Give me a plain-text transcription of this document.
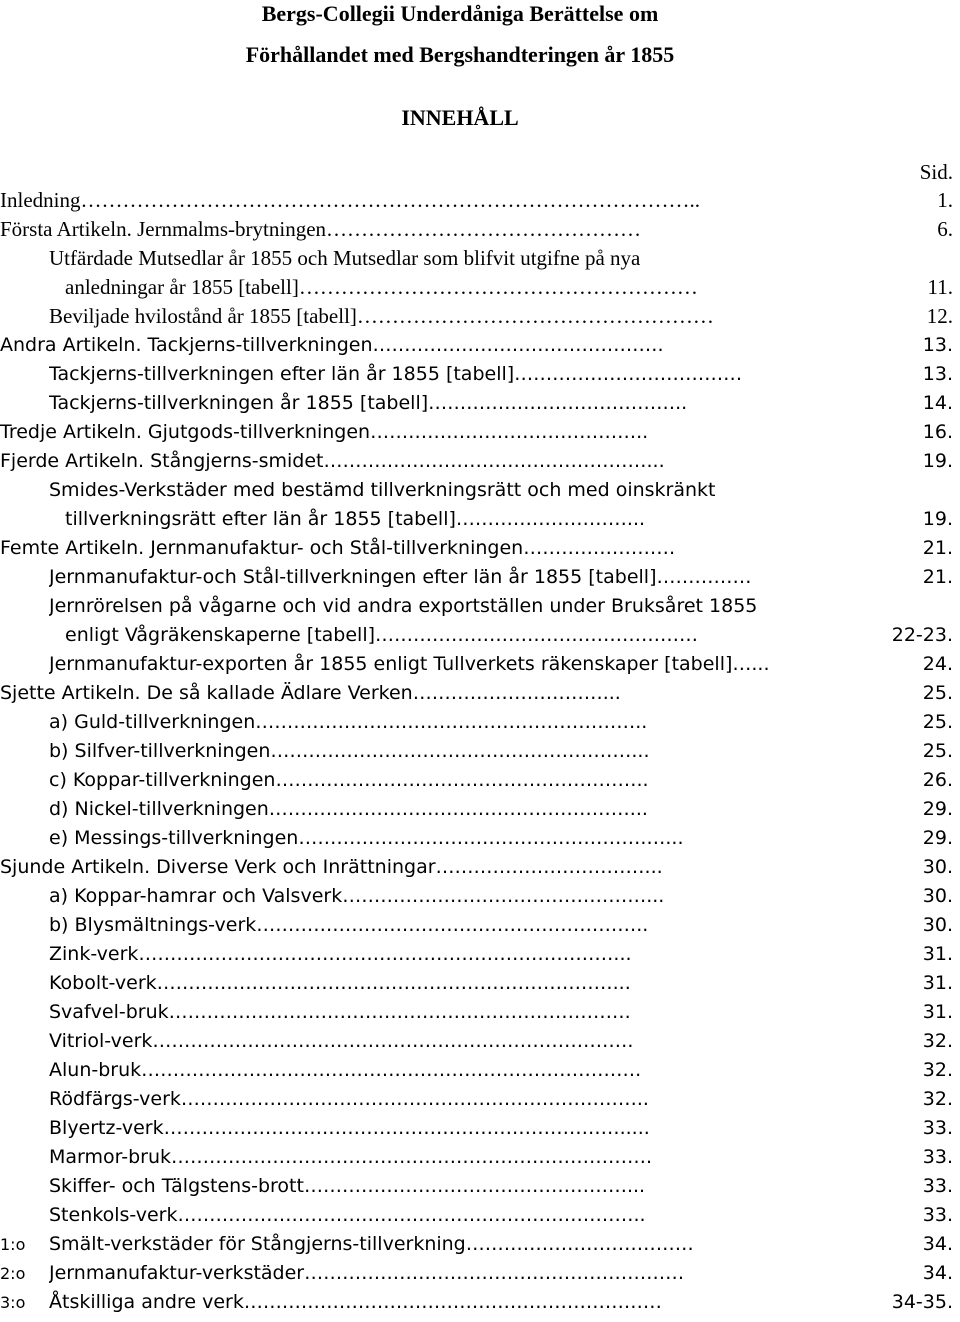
Bergs-Collegii Underdåniga Berättelse om
Förhållandet med Bergshandteringen år 1855
INNEHÅLL
Sid.
Inledning……………………………………………………………………………..	1.
Första Artikeln. Jernmalms-brytningen………………………………………	6.
Utfärdade Mutsedlar år 1855 och Mutsedlar som blifvit utgifne på nya
anledningar år 1855 [tabell]…………………………………………………	11.
Beviljade hvilostånd år 1855 [tabell]……………………………………………	12.
Andra Artikeln. Tackjerns-tillverkningen……………………………………….	13.
Tackjerns-tillverkningen efter län år 1855 [tabell]………………………………	13.
Tackjerns-tillverkningen år 1855 [tabell]…………………………………..	14.
Tredje Artikeln. Gjutgods-tillverkningen……………………………………..	16.
Fjerde Artikeln. Stångjerns-smidet……………………………………………...	19.
Smides-Verkstäder med bestämd tillverkningsrätt och med oinskränkt
tillverkningsrätt efter län år 1855 [tabell]………………………...	19.
Femte Artikeln. Jernmanufaktur- och Stål-tillverkningen……………………	21.
Jernmanufaktur-och Stål-tillverkningen efter län år 1855 [tabell]……………	21.
Jernrörelsen på vågarne och vid andra exportställen under Bruksåret 1855
enligt Vågräkenskaperne [tabell]……………………………………………	22-23.
Jernmanufaktur-exporten år 1855 enligt Tullverkets räkenskaper [tabell]…...	24.
Sjette Artikeln. De så kallade Ädlare Verken…………………………...	25.
a) Guld-tillverkningen……………………………………………………..	25.
b) Silfver-tillverkningen…………………………………………………...	25.
c) Koppar-tillverkningen…………………………………………………..	26.
d) Nickel-tillverkningen…………………………………………………...	29.
e) Messings-tillverkningen……………………………………………….…...	29.
Sjunde Artikeln. Diverse Verk och Inrättningar……………………………...	30.
a) Koppar-hamrar och Valsverk…………………………………………...	30.
b) Blysmältnings-verk……………………………………………………..	30.
Zink-verk…………………………………………………………………...	31.
Kobolt-verk………………………………………………………………...	31.
Svafvel-bruk……………………………………………………………….	31.
Vitriol-verk………………………………………………………………….	32.
Alun-bruk…………………………………………………………………….	32.
Rödfärgs-verk………………………………………………………………..	32.
Blyertz-verk……………………………………………………………….....	33.
Marmor-bruk………………………………………………………………….	33.
Skiffer- och Tälgstens-brott……………………………………………...	33.
Stenkols-verk………………………………………………………………..	33.
1:o Smält-verkstäder för Stångjerns-tillverkning………………………………	34.
2:o Jernmanufaktur-verkstäder……………………………………………………	34.
3:o Åtskilliga andre verk…………………………………………………………	34-35.
